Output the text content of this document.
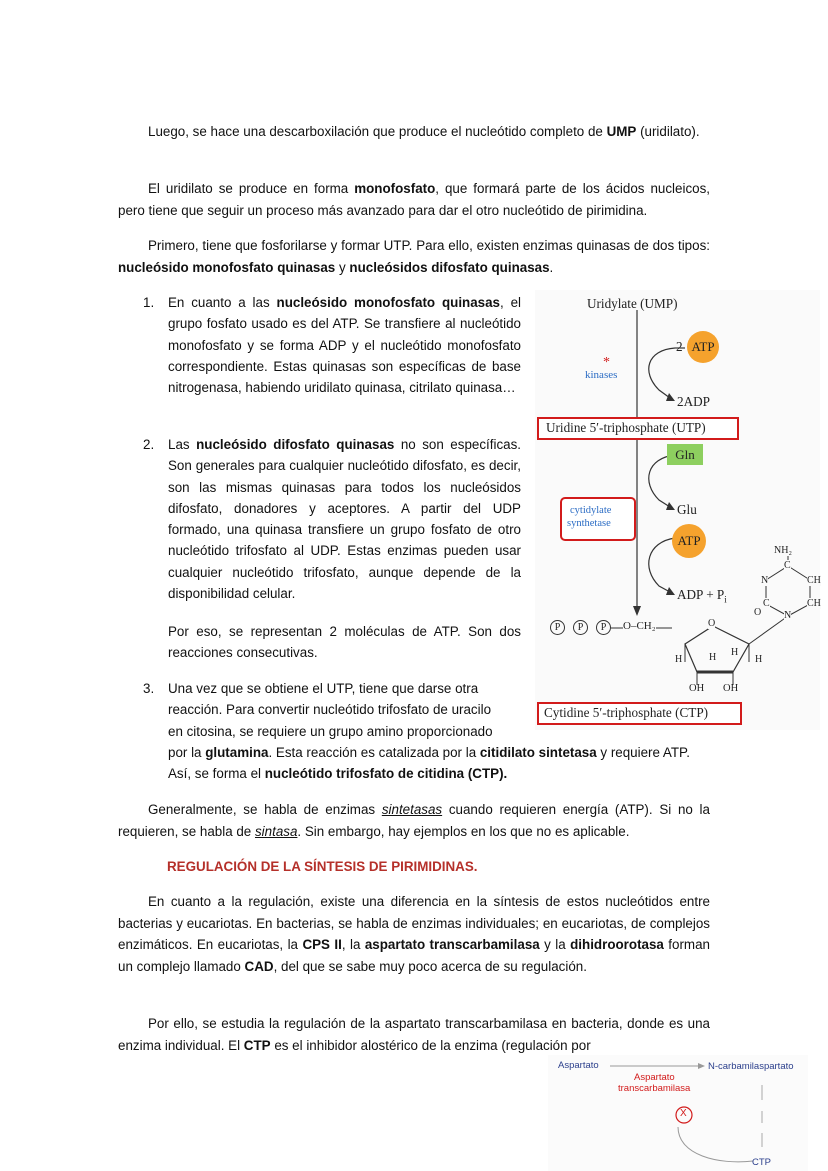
Luego, se hace una descarboxilación que produce el nucleótido completo de UMP (uridilato).

El uridilato se produce en forma monofosfato, que formará parte de los ácidos nucleicos, pero tiene que seguir un proceso más avanzado para dar el otro nucleótido de pirimidina.

Primero, tiene que fosforilarse y formar UTP. Para ello, existen enzimas quinasas de dos tipos: nucleósido monofosfato quinasas y nucleósidos difosfato quinasas.

1.	En cuanto a las nucleósido monofosfato quinasas, el grupo fosfato usado es del ATP. Se transfiere al nucleótido monofosfato y se forma ADP y el nucleótido monofosfato correspondiente. Estas quinasas son específicas de base nitrogenasa, habiendo uridilato quinasa, citrilato quinasa…
2.	Las nucleósido difosfato quinasas no son específicas. Son generales para cualquier nucleótido difosfato, es decir, son las mismas quinasas para todos los nucleósidos difosfato, donadores y aceptores. A partir del UDP formado, una quinasa transfiere un grupo fosfato de otro nucleótido trifosfato al UDP. Estas enzimas pueden usar cualquier nucleótido trifosfato, aunque depende de la disponibilidad celular.
Por eso, se representan 2 moléculas de ATP. Son dos reacciones consecutivas.
3.	Una vez que se obtiene el UTP, tiene que darse otra
reacción. Para convertir nucleótido trifosfato de uracilo
en citosina, se requiere un grupo amino proporcionado
por la glutamina. Esta reacción es catalizada por la citidilato sintetasa y requiere ATP.
Así, se forma el nucleótido trifosfato de citidina (CTP).

Generalmente, se habla de enzimas sintetasas cuando requieren energía (ATP). Si no la requieren, se habla de sintasa. Sin embargo, hay ejemplos en los que no es aplicable.

REGULACIÓN DE LA SÍNTESIS DE PIRIMIDINAS.

En cuanto a la regulación, existe una diferencia en la síntesis de estos nucleótidos entre bacterias y eucariotas. En bacterias, se habla de enzimas individuales; en eucariotas, de complejos enzimáticos. En eucariotas, la CPS II, la aspartato transcarbamilasa y la dihidroorotasa forman un complejo llamado CAD, del que se sabe muy poco acerca de su regulación.

Por ello, se estudia la regulación de la aspartato transcarbamilasa en bacteria, donde es una enzima individual. El CTP es el inhibidor alostérico de la enzima (regulación por

Uridylate (UMP)
2 ATP
*
kinases
2ADP
Uridine 5′-triphosphate (UTP)
Gln
Glu
cytidylate
synthetase
ATP
ADP + $P_i$
P	P	P	O–CH₂	O
H
H	H
H
OH OH
NH₂
C
N	CH
C	CH
N
O
Cytidine 5′-triphosphate (CTP)
Aspartato	N-carbamilaspartato
Aspartato
transcarbamilasa
X
CTP
